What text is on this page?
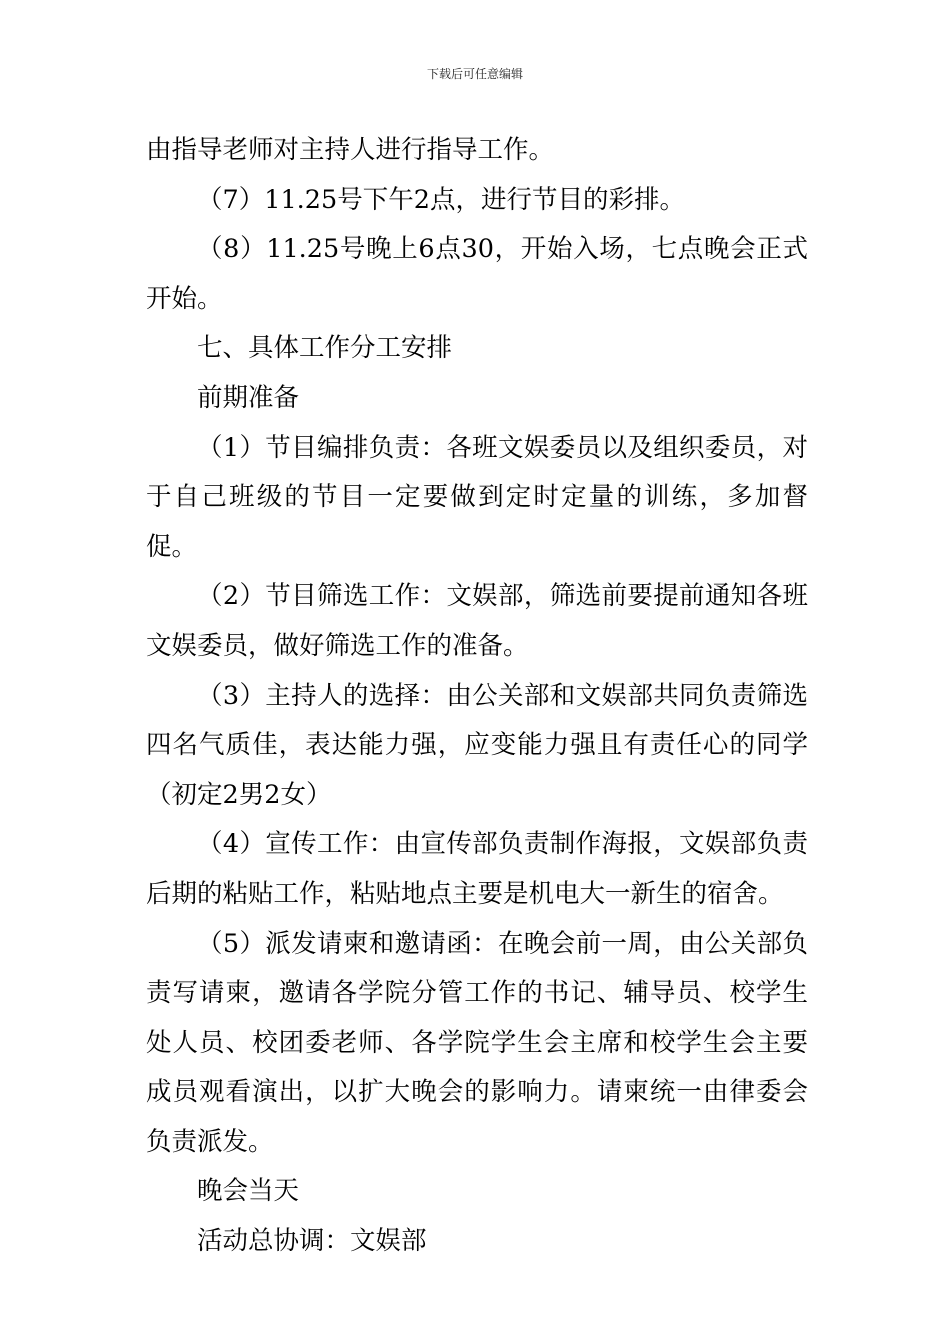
下载后可任意编辑

由指导老师对主持人进行指导工作。

（7）11.25号下午2点，进行节目的彩排。

（8）11.25号晚上6点30，开始入场，七点晚会正式开始。

七、具体工作分工安排

前期准备

（1）节目编排负责：各班文娱委员以及组织委员，对于自己班级的节目一定要做到定时定量的训练，多加督促。

（2）节目筛选工作：文娱部，筛选前要提前通知各班文娱委员，做好筛选工作的准备。

（3）主持人的选择：由公关部和文娱部共同负责筛选四名气质佳，表达能力强，应变能力强且有责任心的同学（初定2男2女）

（4）宣传工作：由宣传部负责制作海报，文娱部负责后期的粘贴工作，粘贴地点主要是机电大一新生的宿舍。

（5）派发请柬和邀请函：在晚会前一周，由公关部负责写请柬，邀请各学院分管工作的书记、辅导员、校学生处人员、校团委老师、各学院学生会主席和校学生会主要成员观看演出，以扩大晚会的影响力。请柬统一由律委会负责派发。

晚会当天

活动总协调：文娱部
